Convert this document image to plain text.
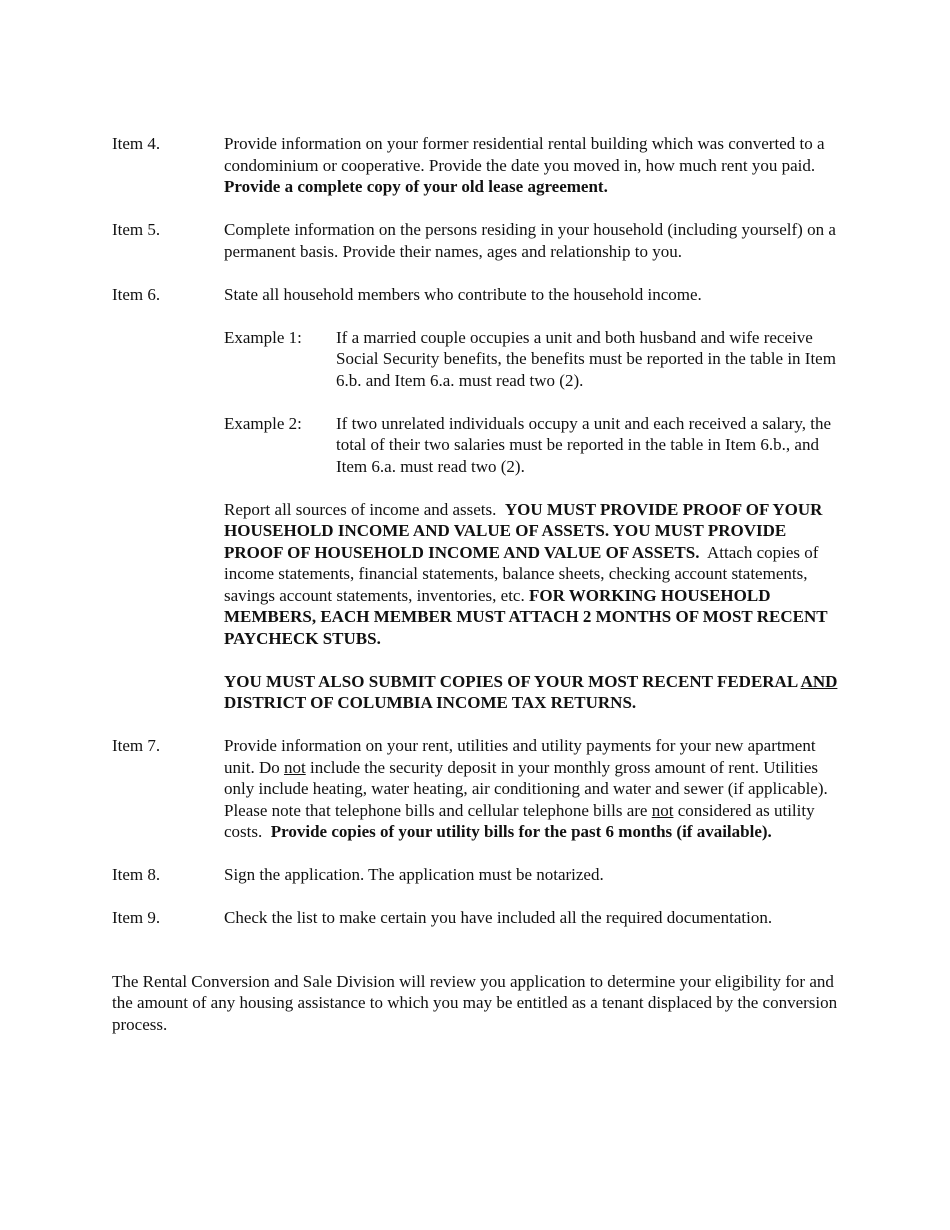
Item 4.	Provide information on your former residential rental building which was converted to a condominium or cooperative. Provide the date you moved in, how much rent you paid.  Provide a complete copy of your old lease agreement.
Item 5.	Complete information on the persons residing in your household (including yourself) on a permanent basis. Provide their names, ages and relationship to you.
Item 6.	State all household members who contribute to the household income.
Example 1:	If a married couple occupies a unit and both husband and wife receive Social Security benefits, the benefits must be reported in the table in Item 6.b. and Item 6.a. must read two (2).
Example 2:	If two unrelated individuals occupy a unit and each received a salary, the total of their two salaries must be reported in the table in Item 6.b., and Item 6.a. must read two (2).
Report all sources of income and assets. YOU MUST PROVIDE PROOF OF YOUR HOUSEHOLD INCOME AND VALUE OF ASSETS. YOU MUST PROVIDE PROOF OF HOUSEHOLD INCOME AND VALUE OF ASSETS. Attach copies of income statements, financial statements, balance sheets, checking account statements, savings account statements, inventories, etc. FOR WORKING HOUSEHOLD MEMBERS, EACH MEMBER MUST ATTACH 2 MONTHS OF MOST RECENT PAYCHECK STUBS.
YOU MUST ALSO SUBMIT COPIES OF YOUR MOST RECENT FEDERAL AND DISTRICT OF COLUMBIA INCOME TAX RETURNS.
Item 7.	Provide information on your rent, utilities and utility payments for your new apartment unit. Do not include the security deposit in your monthly gross amount of rent. Utilities only include heating, water heating, air conditioning and water and sewer (if applicable). Please note that telephone bills and cellular telephone bills are not considered as utility costs. Provide copies of your utility bills for the past 6 months (if available).
Item 8.	Sign the application. The application must be notarized.
Item 9.	Check the list to make certain you have included all the required documentation.
The Rental Conversion and Sale Division will review you application to determine your eligibility for and the amount of any housing assistance to which you may be entitled as a tenant displaced by the conversion process.
